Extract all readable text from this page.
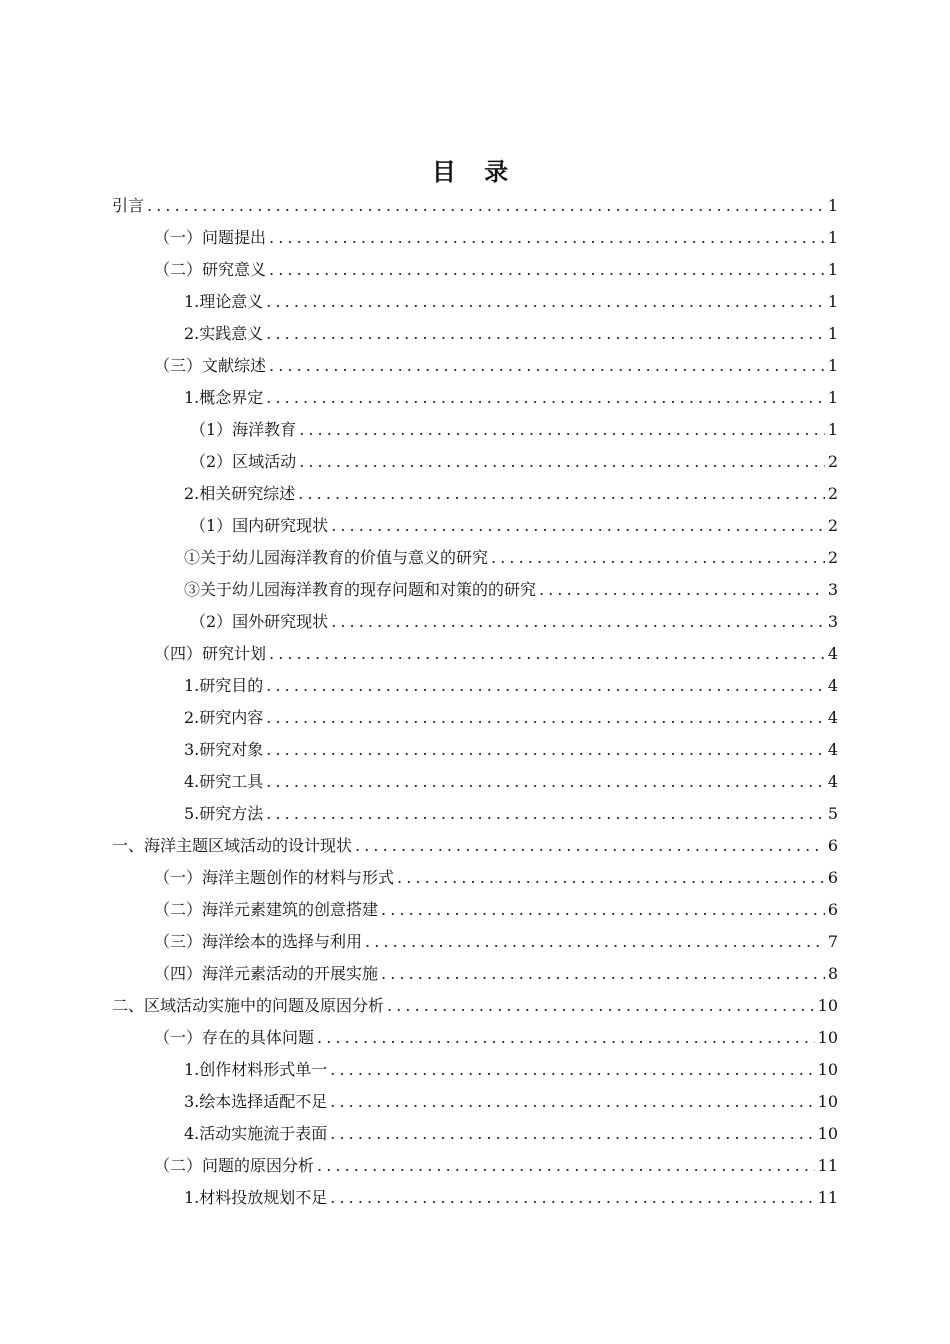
目 录
引言 .....	1
（一）问题提出 .....	1
（二）研究意义 .....	1
1.理论意义 .....	1
2.实践意义 .....	1
（三）文献综述 .....	1
1.概念界定 .....	1
（1）海洋教育 .....	1
（2）区域活动 .....	2
2.相关研究综述 .....	2
（1）国内研究现状 .....	2
①关于幼儿园海洋教育的价值与意义的研究 .....	2
③关于幼儿园海洋教育的现存问题和对策的的研究 .....	3
（2）国外研究现状 .....	3
（四）研究计划 .....	4
1.研究目的 .....	4
2.研究内容 .....	4
3.研究对象 .....	4
4.研究工具 .....	4
5.研究方法 .....	5
一、海洋主题区域活动的设计现状 .....	6
（一）海洋主题创作的材料与形式 .....	6
（二）海洋元素建筑的创意搭建 .....	6
（三）海洋绘本的选择与利用 .....	7
（四）海洋元素活动的开展实施 .....	8
二、区域活动实施中的问题及原因分析 .....	10
（一）存在的具体问题 .....	10
1.创作材料形式单一 .....	10
3.绘本选择适配不足 .....	10
4.活动实施流于表面 .....	10
（二）问题的原因分析 .....	11
1.材料投放规划不足 .....	11
